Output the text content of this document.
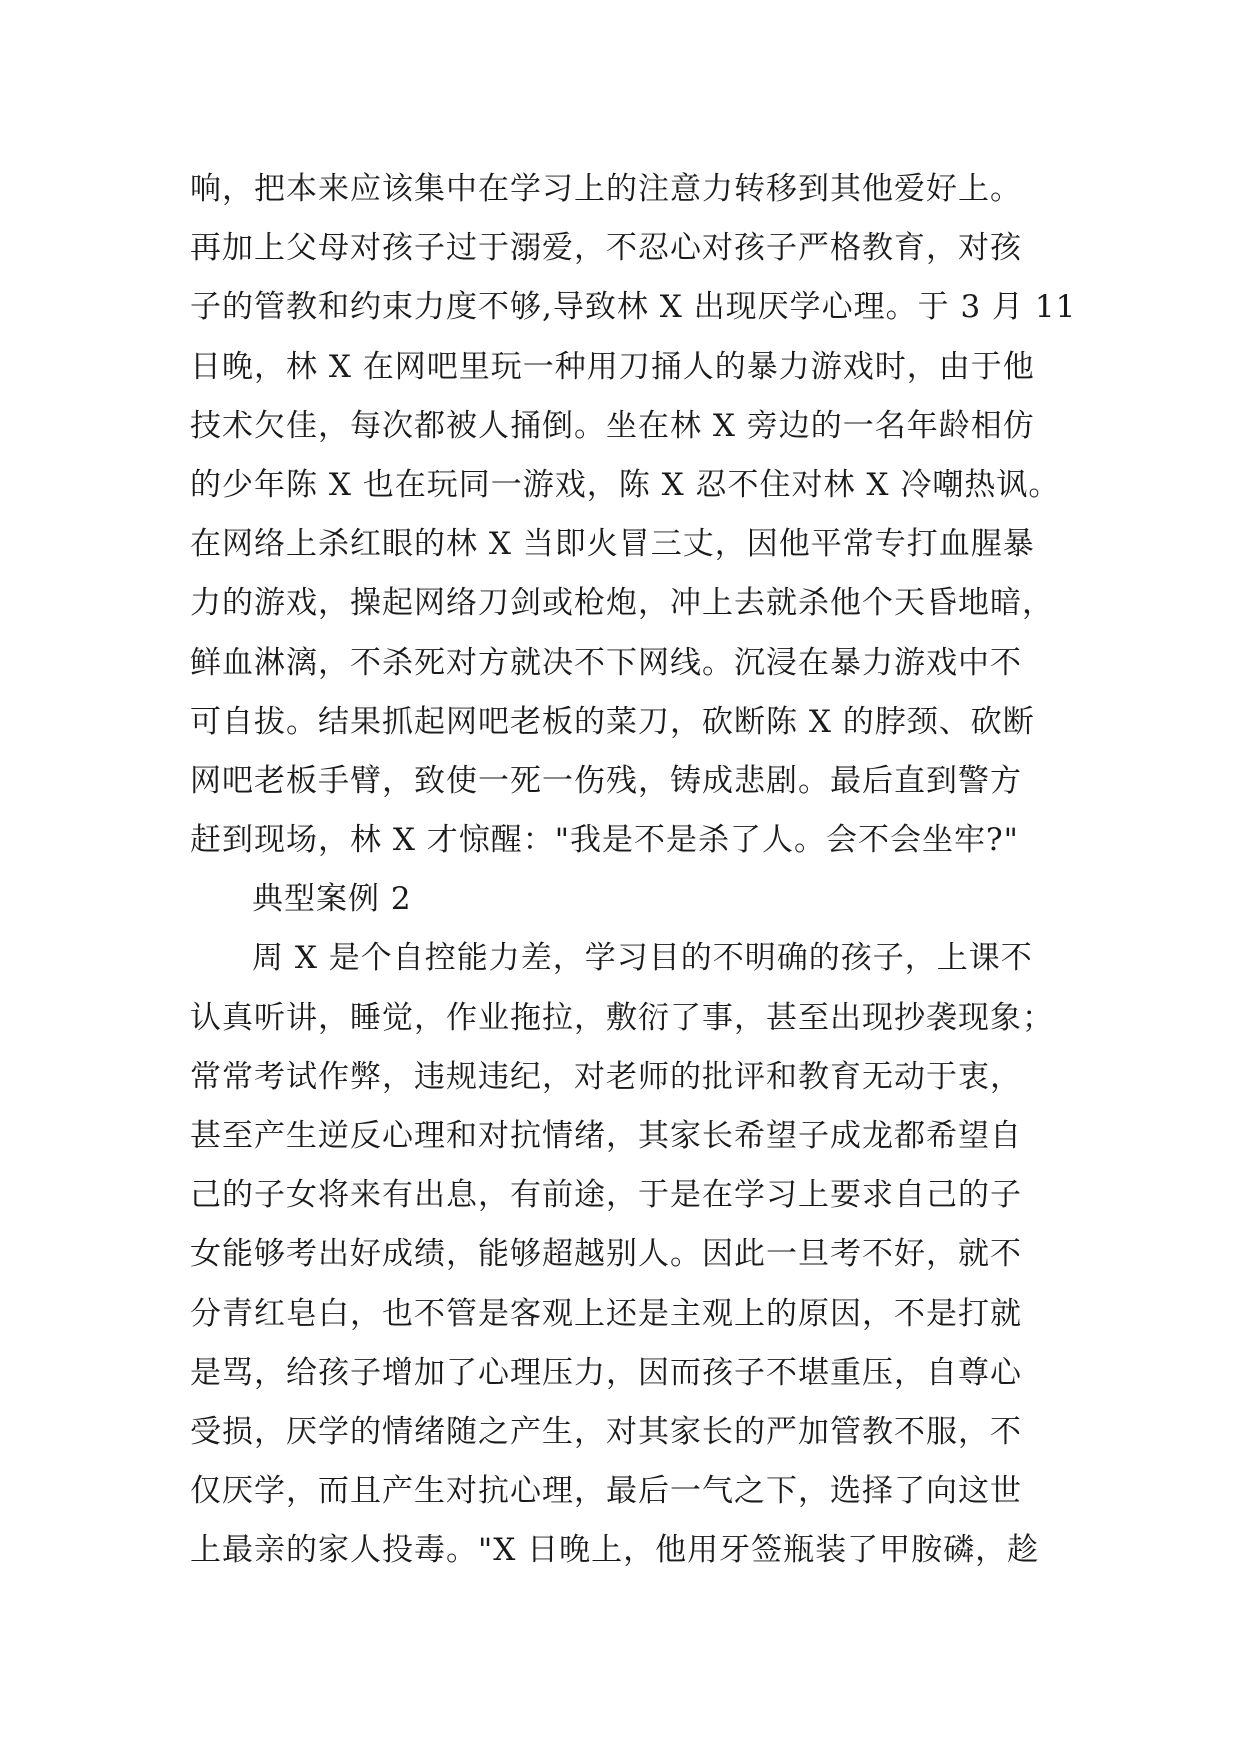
响，把本来应该集中在学习上的注意力转移到其他爱好上。
再加上父母对孩子过于溺爱，不忍心对孩子严格教育，对孩
子的管教和约束力度不够,导致林 X 出现厌学心理。于 3 月 11
日晚，林 X 在网吧里玩一种用刀捅人的暴力游戏时，由于他
技术欠佳，每次都被人捅倒。坐在林 X 旁边的一名年龄相仿
的少年陈 X 也在玩同一游戏，陈 X 忍不住对林 X 冷嘲热讽。
在网络上杀红眼的林 X 当即火冒三丈，因他平常专打血腥暴
力的游戏，操起网络刀剑或枪炮，冲上去就杀他个天昏地暗，
鲜血淋漓，不杀死对方就决不下网线。沉浸在暴力游戏中不
可自拔。结果抓起网吧老板的菜刀，砍断陈 X 的脖颈、砍断
网吧老板手臂，致使一死一伤残，铸成悲剧。最后直到警方
赶到现场，林 X 才惊醒："我是不是杀了人。会不会坐牢?"
典型案例 2
周 X 是个自控能力差，学习目的不明确的孩子，上课不
认真听讲，睡觉，作业拖拉，敷衍了事，甚至出现抄袭现象；
常常考试作弊，违规违纪，对老师的批评和教育无动于衷，
甚至产生逆反心理和对抗情绪，其家长希望子成龙都希望自
己的子女将来有出息，有前途，于是在学习上要求自己的子
女能够考出好成绩，能够超越别人。因此一旦考不好，就不
分青红皂白，也不管是客观上还是主观上的原因，不是打就
是骂，给孩子增加了心理压力，因而孩子不堪重压，自尊心
受损，厌学的情绪随之产生，对其家长的严加管教不服，不
仅厌学，而且产生对抗心理，最后一气之下，选择了向这世
上最亲的家人投毒。"X 日晚上，他用牙签瓶装了甲胺磷，趁
